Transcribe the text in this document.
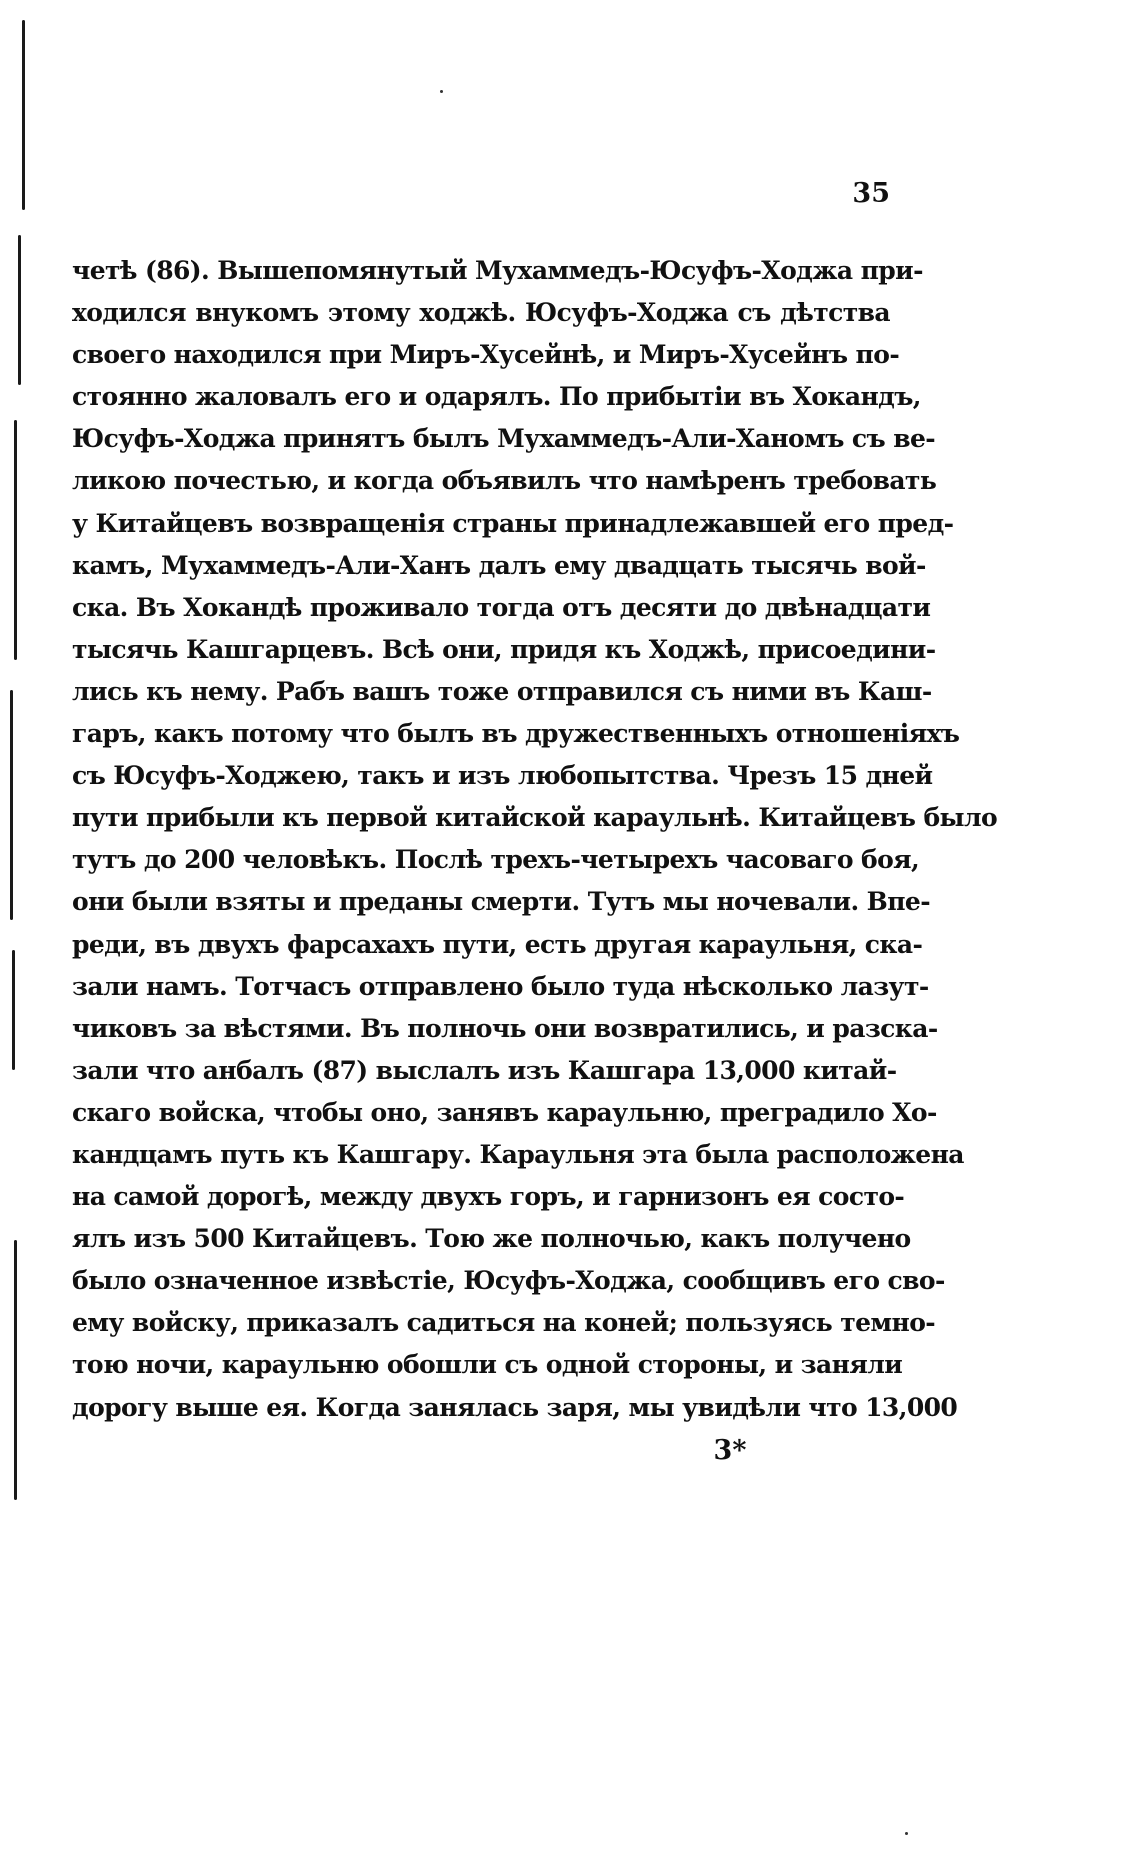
35
четѣ (86). Вышепомянутый Мухаммедъ-Юсуфъ-Ходжа при-
ходился внукомъ этому ходжѣ. Юсуфъ-Ходжа съ дѣтства
своего находился при Миръ-Хусейнѣ, и Миръ-Хусейнъ по-
стоянно жаловалъ его и одарялъ. По прибытіи въ Хокандъ,
Юсуфъ-Ходжа принятъ былъ Мухаммедъ-Али-Ханомъ съ ве-
ликою почестью, и когда объявилъ что намѣренъ требовать
у Китайцевъ возвращенія страны принадлежавшей его пред-
камъ, Мухаммедъ-Али-Ханъ далъ ему двадцать тысячь вой-
ска. Въ Хокандѣ проживало тогда отъ десяти до двѣнадцати
тысячь Кашгарцевъ. Всѣ они, придя къ Ходжѣ, присоедини-
лись къ нему. Рабъ вашъ тоже отправился съ ними въ Каш-
гаръ, какъ потому что былъ въ дружественныхъ отношеніяхъ
съ Юсуфъ-Ходжею, такъ и изъ любопытства. Чрезъ 15 дней
пути прибыли къ первой китайской караульнѣ. Китайцевъ было
тутъ до 200 человѣкъ. Послѣ трехъ-четырехъ часоваго боя,
они были взяты и преданы смерти. Тутъ мы ночевали. Впе-
реди, въ двухъ фарсахахъ пути, есть другая караульня, ска-
зали намъ. Тотчасъ отправлено было туда нѣсколько лазут-
чиковъ за вѣстями. Въ полночь они возвратились, и разска-
зали что анбалъ (87) выслалъ изъ Кашгара 13,000 китай-
скаго войска, чтобы оно, занявъ караульню, преградило Хо-
кандцамъ путь къ Кашгару. Караульня эта была расположена
на самой дорогѣ, между двухъ горъ, и гарнизонъ ея состо-
ялъ изъ 500 Китайцевъ. Тою же полночью, какъ получено
было означенное извѣстіе, Юсуфъ-Ходжа, сообщивъ его сво-
ему войску, приказалъ садиться на коней; пользуясь темно-
тою ночи, караульню обошли съ одной стороны, и заняли
дорогу выше ея. Когда занялась заря, мы увидѣли что 13,000
3*
